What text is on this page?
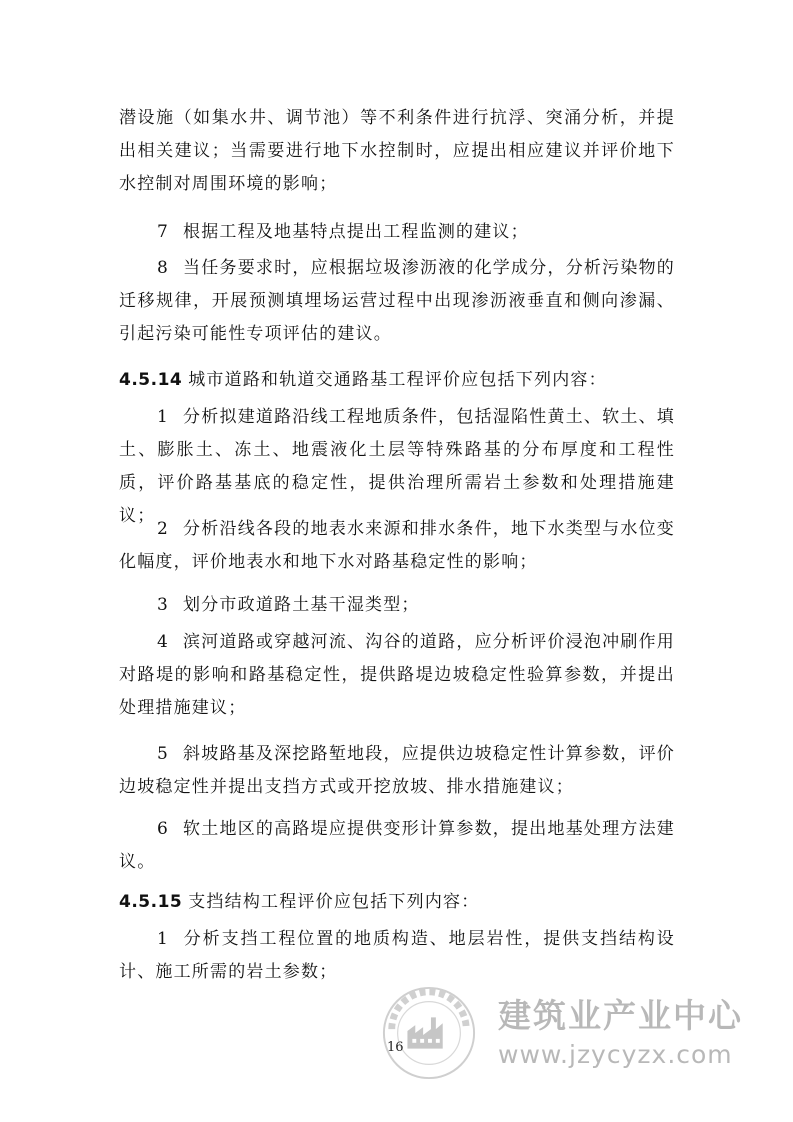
潜设施（如集水井、调节池）等不利条件进行抗浮、突涌分析，并提出相关建议；当需要进行地下水控制时，应提出相应建议并评价地下水控制对周围环境的影响；

7 根据工程及地基特点提出工程监测的建议；

8 当任务要求时，应根据垃圾渗沥液的化学成分，分析污染物的迁移规律，开展预测填埋场运营过程中出现渗沥液垂直和侧向渗漏、引起污染可能性专项评估的建议。

4.5.14 城市道路和轨道交通路基工程评价应包括下列内容：

1 分析拟建道路沿线工程地质条件，包括湿陷性黄土、软土、填土、膨胀土、冻土、地震液化土层等特殊路基的分布厚度和工程性质，评价路基基底的稳定性，提供治理所需岩土参数和处理措施建议；

2 分析沿线各段的地表水来源和排水条件，地下水类型与水位变化幅度，评价地表水和地下水对路基稳定性的影响；

3 划分市政道路土基干湿类型；

4 滨河道路或穿越河流、沟谷的道路，应分析评价浸泡冲刷作用对路堤的影响和路基稳定性，提供路堤边坡稳定性验算参数，并提出处理措施建议；

5 斜坡路基及深挖路堑地段，应提供边坡稳定性计算参数，评价边坡稳定性并提出支挡方式或开挖放坡、排水措施建议；

6 软土地区的高路堤应提供变形计算参数，提出地基处理方法建议。

4.5.15 支挡结构工程评价应包括下列内容：

1 分析支挡工程位置的地质构造、地层岩性，提供支挡结构设计、施工所需的岩土参数；

建筑业产业中心
www.jzycyzx.com
16
